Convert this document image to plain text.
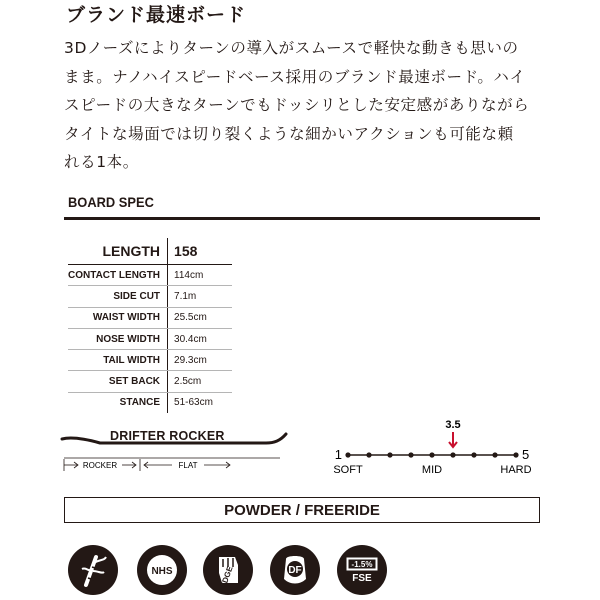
ブランド最速ボード
3Dノーズによりターンの導入がスムースで軽快な動きも思いの
まま。ナノハイスピードベース採用のブランド最速ボード。ハイ
スピードの大きなターンでもドッシリとした安定感がありながら
タイトな場面では切り裂くような細かいアクションも可能な頼
れる1本。
BOARD SPEC
LENGTH	158
CONTACT LENGTH	114cm
SIDE CUT	7.1m
WAIST WIDTH	25.5cm
NOSE WIDTH	30.4cm
TAIL WIDTH	29.3cm
SET BACK	2.5cm
STANCE	51-63cm
ROCKER	FLAT
DRIFTER ROCKER
1	5
SOFT	MID	HARD
3.5
POWDER / FREERIDE
NHS	EDGE	DF
-1.5%
FSE
